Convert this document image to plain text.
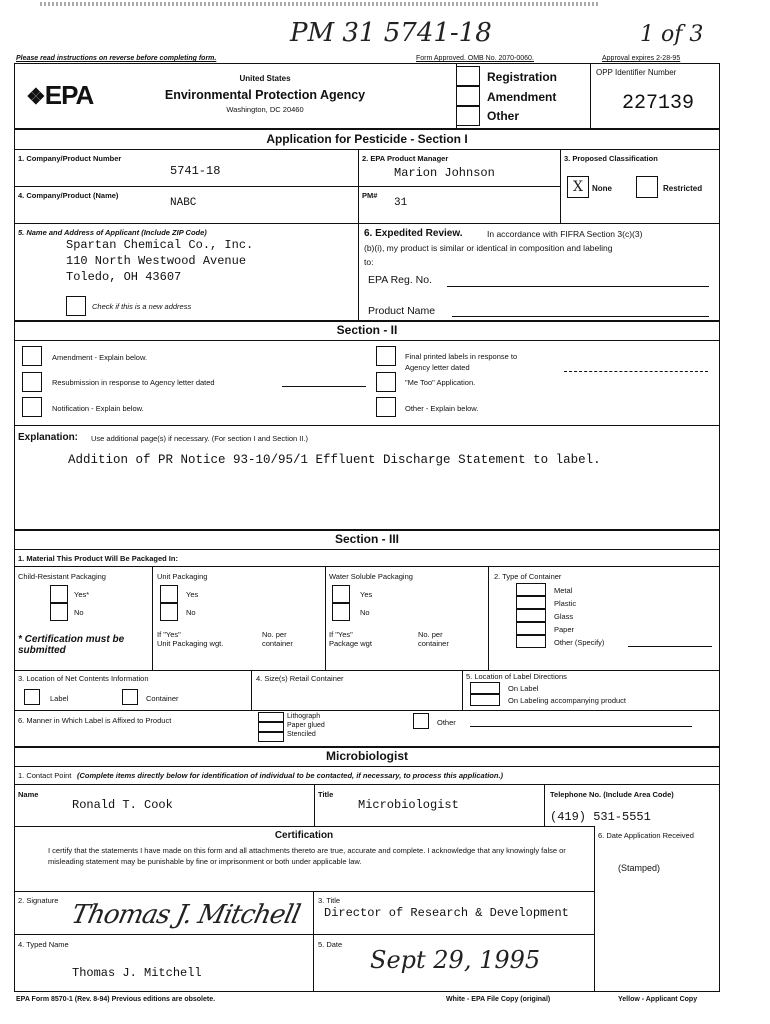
PM 31 5741-18	1 of 3
Please read instructions on reverse before completing form.	Form Approved. OMB No. 2070-0060.	Approval expires 2-28-95
❖EPA
United States
Environmental Protection Agency
Washington, DC 20460
Registration
Amendment
Other
OPP Identifier Number
227139
Application for Pesticide - Section I
1. Company/Product Number
5741-18
2. EPA Product Manager
Marion Johnson
3. Proposed Classification
X None	Restricted
4. Company/Product (Name)
NABC
PM#
31
5. Name and Address of Applicant (Include ZIP Code)
Spartan Chemical Co., Inc.
110 North Westwood Avenue
Toledo, OH 43607
Check if this is a new address
6. Expedited Review.	In accordance with FIFRA Section 3(c)(3)
(b)(i), my product is similar or identical in composition and labeling
to:
EPA Reg. No.
Product Name
Section - II
Amendment - Explain below.
Resubmission in response to Agency letter dated
Notification - Explain below.
Final printed labels in response to
Agency letter dated
"Me Too" Application.
Other - Explain below.
Explanation: Use additional page(s) if necessary. (For section I and Section II.)
Addition of PR Notice 93-10/95/1 Effluent Discharge Statement to label.
Section - III
1. Material This Product Will Be Packaged In:
Child-Resistant Packaging
Yes*
No
* Certification must be submitted
Unit Packaging
Yes
No
If "Yes"
Unit Packaging wgt.
No. per
container
Water Soluble Packaging
Yes
No
If "Yes"
Package wgt
No. per
container
2. Type of Container
Metal
Plastic
Glass
Paper
Other (Specify)
3. Location of Net Contents Information
Label	Container
4. Size(s) Retail Container	5. Location of Label Directions
On Label
On Labeling accompanying product
6. Manner in Which Label is Affixed to Product	Lithograph
Paper glued
Stenciled
Other
Microbiologist
1. Contact Point (Complete items directly below for identification of individual to be contacted, if necessary, to process this application.)
Name
Ronald T. Cook
Title
Microbiologist
Telephone No. (Include Area Code)
(419) 531-5551
Certification
I certify that the statements I have made on this form and all attachments thereto are true, accurate and complete. I acknowledge that any knowingly false or misleading statement may be punishable by fine or imprisonment or both under applicable law.
6. Date Application Received
(Stamped)
2. Signature Thomas J. Mitchell 3. Title
Director of Research & Development
4. Typed Name
Thomas J. Mitchell
5. Date
Sept 29, 1995
EPA Form 8570-1 (Rev. 8-94) Previous editions are obsolete.	White - EPA File Copy (original)	Yellow - Applicant Copy
